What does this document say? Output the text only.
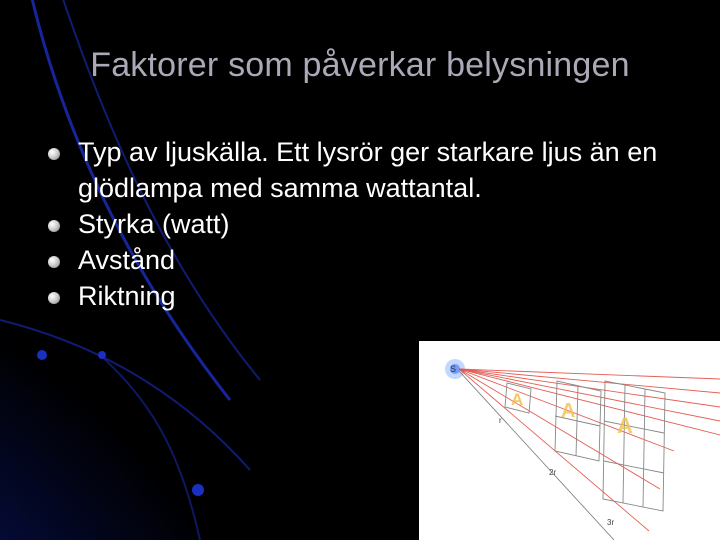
Faktorer som påverkar belysningen
Typ av ljuskälla. Ett lysrör ger starkare ljus än en glödlampa med samma wattantal.
Styrka (watt)
Avstånd
Riktning
S
A
A
A
r
2r
3r
